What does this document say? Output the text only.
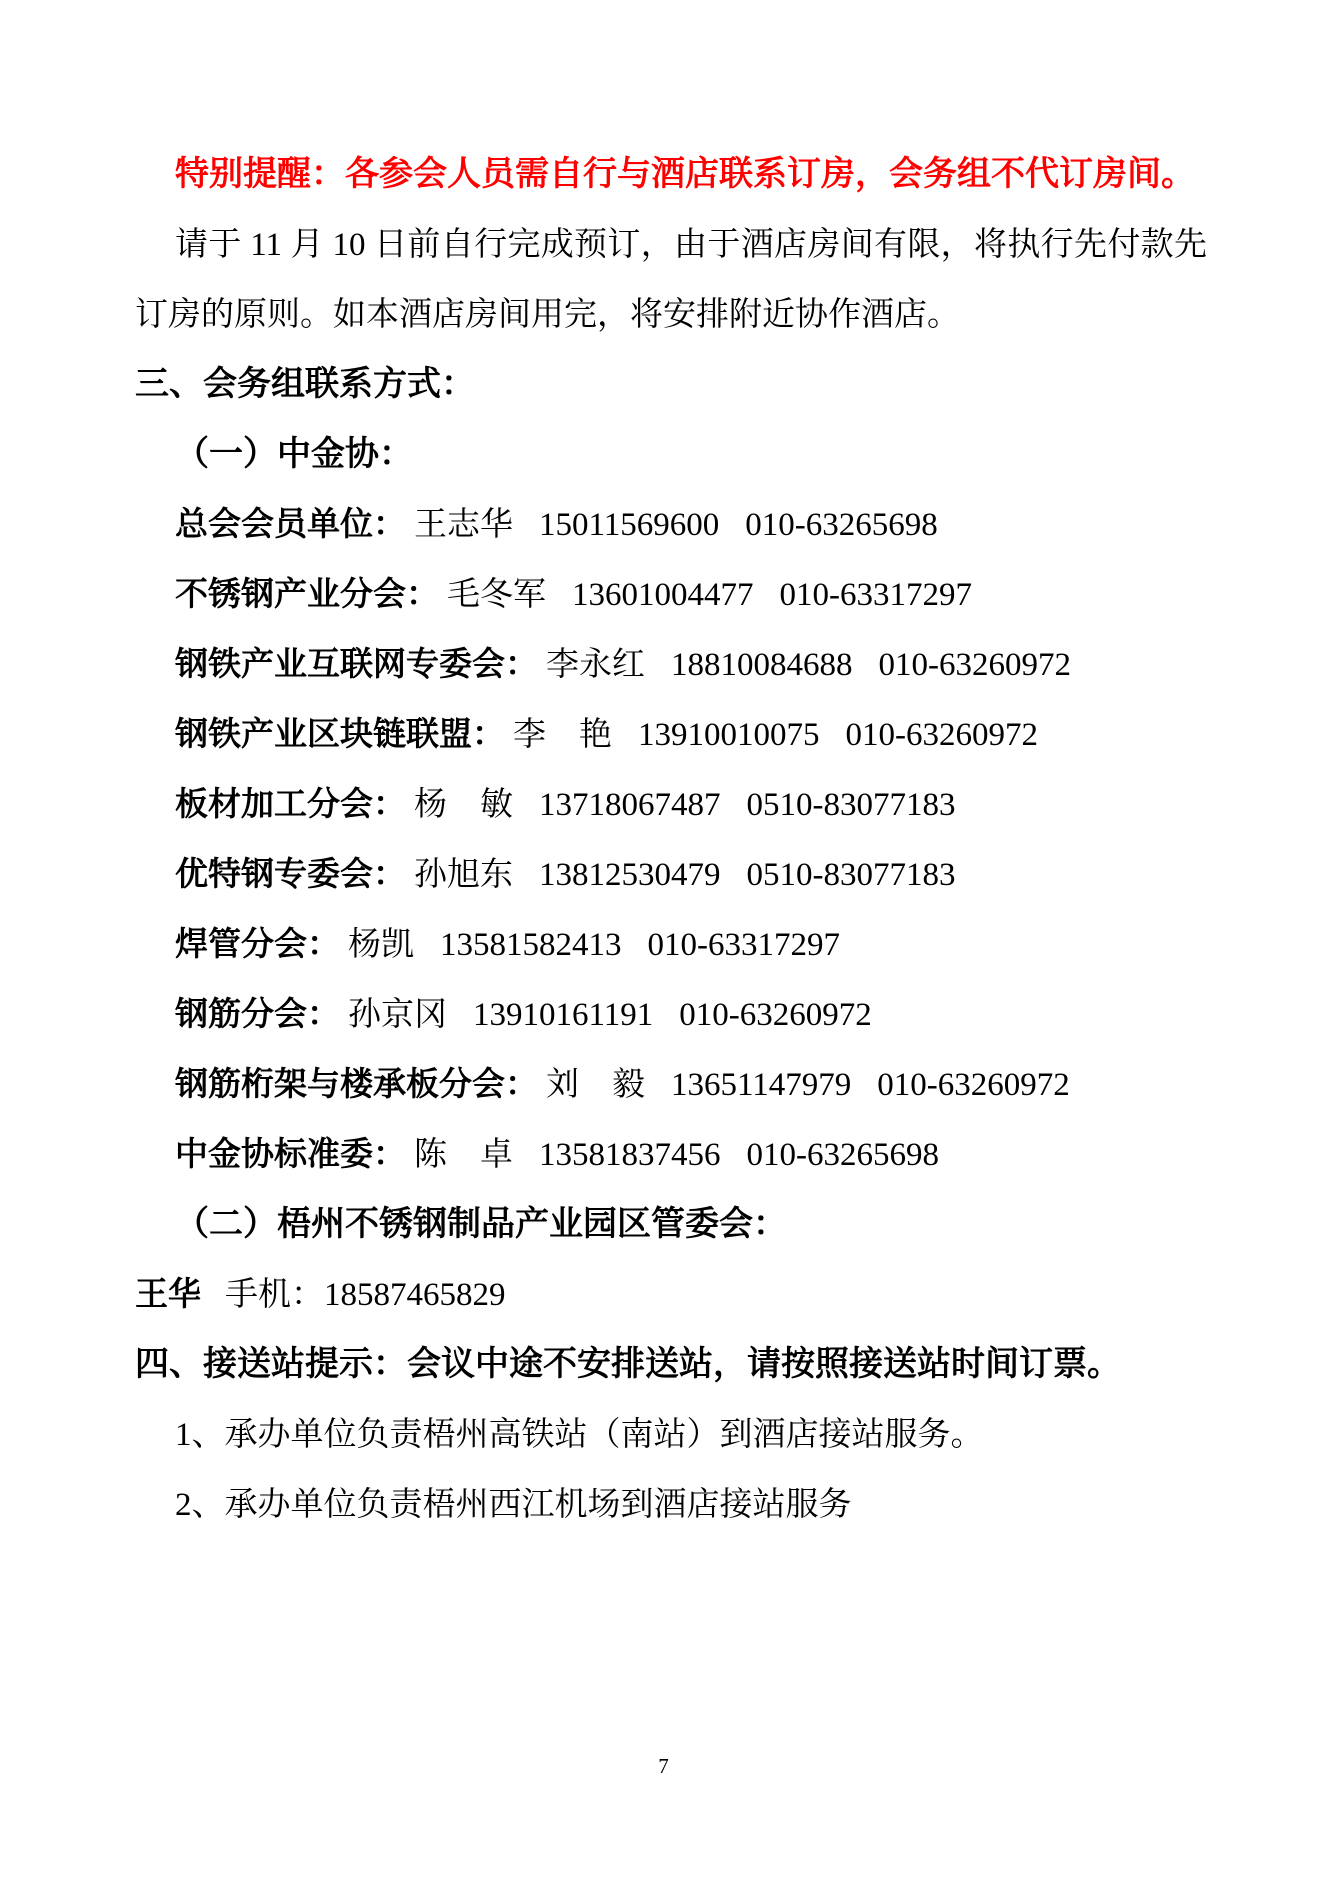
特别提醒：各参会人员需自行与酒店联系订房，会务组不代订房间。
请于 11 月 10 日前自行完成预订，由于酒店房间有限，将执行先付款先订房的原则。如本酒店房间用完，将安排附近协作酒店。
三、会务组联系方式：
（一）中金协：
总会会员单位： 王志华 15011569600 010-63265698
不锈钢产业分会： 毛冬军 13601004477 010-63317297
钢铁产业互联网专委会： 李永红 18810084688 010-63260972
钢铁产业区块链联盟： 李　艳 13910010075 010-63260972
板材加工分会： 杨　敏 13718067487 0510-83077183
优特钢专委会： 孙旭东 13812530479 0510-83077183
焊管分会： 杨凯 13581582413 010-63317297
钢筋分会： 孙京冈 13910161191 010-63260972
钢筋桁架与楼承板分会： 刘　毅 13651147979 010-63260972
中金协标准委： 陈　卓 13581837456 010-63265698
（二）梧州不锈钢制品产业园区管委会：
王华 手机：18587465829
四、接送站提示：会议中途不安排送站，请按照接送站时间订票。
1、承办单位负责梧州高铁站（南站）到酒店接站服务。
2、承办单位负责梧州西江机场到酒店接站服务
7
